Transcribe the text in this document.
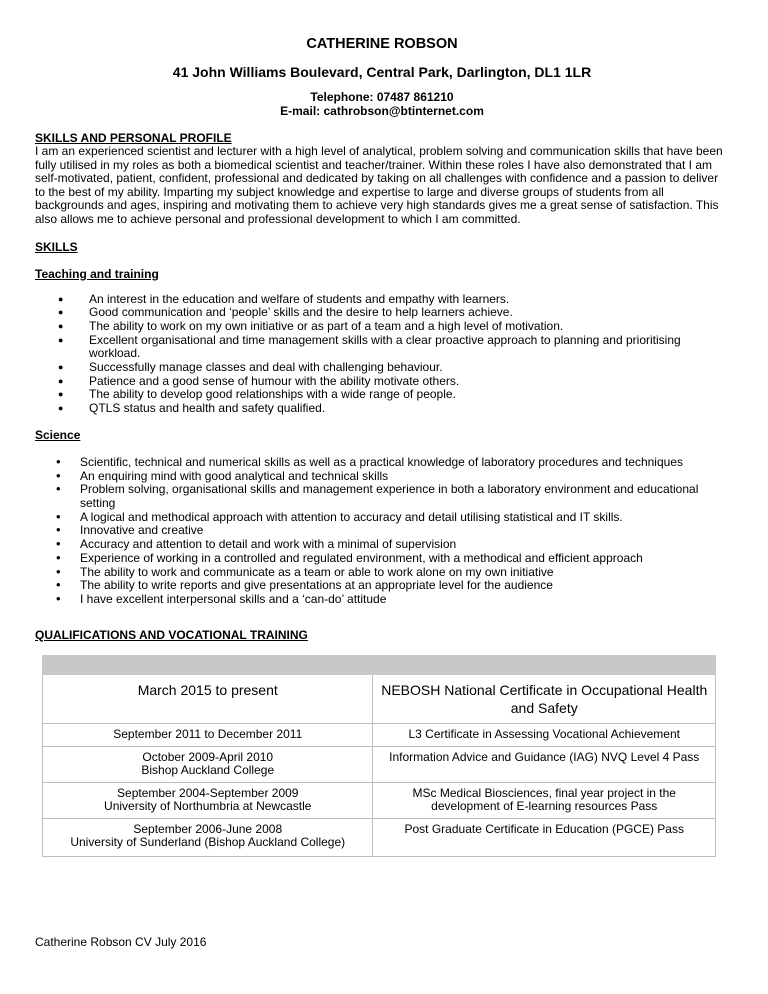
CATHERINE ROBSON
41 John Williams Boulevard, Central Park, Darlington, DL1 1LR
Telephone: 07487 861210
E-mail: cathrobson@btinternet.com
SKILLS AND PERSONAL PROFILE
I am an experienced scientist and lecturer with a high level of analytical, problem solving and communication skills that have been fully utilised in my roles as both a biomedical scientist and teacher/trainer. Within these roles I have also demonstrated that I am self-motivated, patient, confident, professional and dedicated by taking on all challenges with confidence and a passion to deliver to the best of my ability. Imparting my subject knowledge and expertise to large and diverse groups of students from all backgrounds and ages, inspiring and motivating them to achieve very high standards gives me a great sense of satisfaction. This also allows me to achieve personal and professional development to which I am committed.
SKILLS
Teaching and training
● An interest in the education and welfare of students and empathy with learners.
● Good communication and ‘people’ skills and the desire to help learners achieve.
● The ability to work on my own initiative or as part of a team and a high level of motivation.
● Excellent organisational and time management skills with a clear proactive approach to planning and prioritising workload.
● Successfully manage classes and deal with challenging behaviour.
● Patience and a good sense of humour with the ability motivate others.
● The ability to develop good relationships with a wide range of people.
● QTLS status and health and safety qualified.
Science
• Scientific, technical and numerical skills as well as a practical knowledge of laboratory procedures and techniques
• An enquiring mind with good analytical and technical skills
• Problem solving, organisational skills and management experience in both a laboratory environment and educational setting
• A logical and methodical approach with attention to accuracy and detail utilising statistical and IT skills.
• Innovative and creative
• Accuracy and attention to detail and work with a minimal of supervision
• Experience of working in a controlled and regulated environment, with a methodical and efficient approach
• The ability to work and communicate as a team or able to work alone on my own initiative
• The ability to write reports and give presentations at an appropriate level for the audience
• I have excellent interpersonal skills and a ‘can-do’ attitude
QUALIFICATIONS AND VOCATIONAL TRAINING

March 2015 to present	NEBOSH National Certificate in Occupational Health and Safety
September 2011 to December 2011	L3 Certificate in Assessing Vocational Achievement

October 2009-April 2010
Bishop Auckland College	Information Advice and Guidance (IAG) NVQ Level 4 Pass

September 2004-September 2009
University of Northumbria at Newcastle	MSc Medical Biosciences, final year project in the development of E-learning resources Pass

September 2006-June 2008
University of Sunderland (Bishop Auckland College)	Post Graduate Certificate in Education (PGCE) Pass
Catherine Robson CV July 2016
